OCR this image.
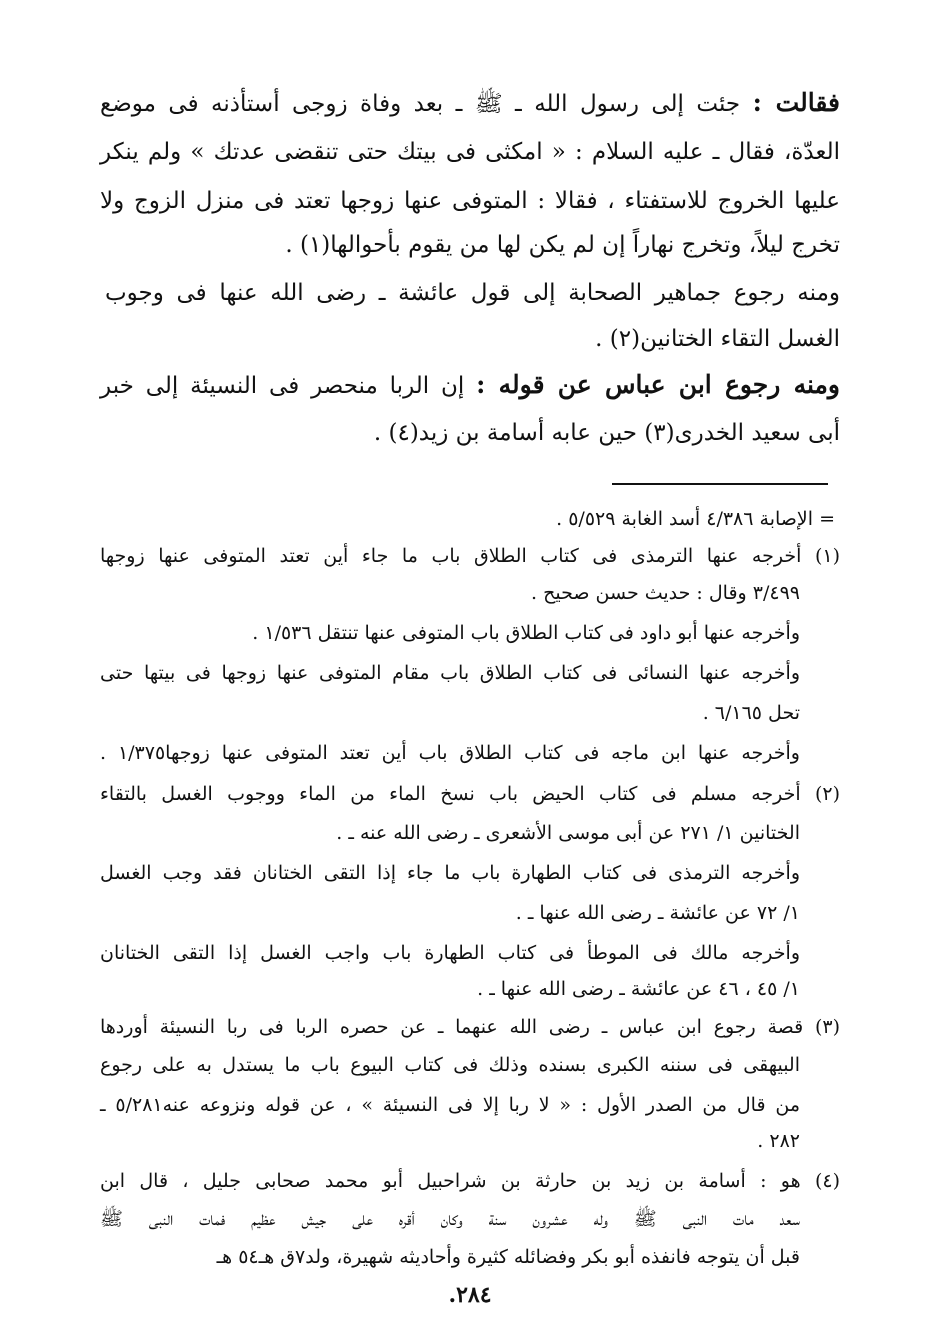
فقالت : جئت إلى رسول الله ـ ﷺ ـ بعد وفاة زوجى أستأذنه فى موضع
العدّة، فقال ـ عليه السلام : « امكثى فى بيتك حتى تنقضى عدتك » ولم ينكر
عليها الخروج للاستفتاء ، فقالا : المتوفى عنها زوجها تعتد فى منزل الزوج ولا
تخرج ليلاً، وتخرج نهاراً إن لم يكن لها من يقوم بأحوالها(١) .
ومنه رجوع جماهير الصحابة إلى قول عائشة ـ رضى الله عنها فى وجوب
الغسل التقاء الختانين(٢) .
ومنه رجوع ابن عباس عن قوله : إن الربا منحصر فى النسيئة إلى خبر
أبى سعيد الخدرى(٣) حين عابه أسامة بن زيد(٤) .
= الإصابة ٤/٣٨٦ أسد الغابة ٥/٥٢٩ .
(١) أخرجه عنها الترمذى فى كتاب الطلاق باب ما جاء أين تعتد المتوفى عنها زوجها
٣/٤٩٩ وقال : حديث حسن صحيح .
وأخرجه عنها أبو داود فى كتاب الطلاق باب المتوفى عنها تنتقل ١/٥٣٦ .
وأخرجه عنها النسائى فى كتاب الطلاق باب مقام المتوفى عنها زوجها فى بيتها حتى
تحل ٦/١٦٥ .
وأخرجه عنها ابن ماجه فى كتاب الطلاق باب أين تعتد المتوفى عنها زوجها١/٣٧٥ .
(٢) أخرجه مسلم فى كتاب الحيض باب نسخ الماء من الماء ووجوب الغسل بالتقاء
الختانين ١/ ٢٧١ عن أبى موسى الأشعرى ـ رضى الله عنه ـ .
وأخرجه الترمذى فى كتاب الطهارة باب ما جاء إذا التقى الختانان فقد وجب الغسل
١/ ٧٢ عن عائشة ـ رضى الله عنها ـ .
وأخرجه مالك فى الموطأ فى كتاب الطهارة باب واجب الغسل إذا التقى الختانان
١/ ٤٥ ، ٤٦ عن عائشة ـ رضى الله عنها ـ .
(٣) قصة رجوع ابن عباس ـ رضى الله عنهما ـ عن حصره الربا فى ربا النسيئة أوردها
البيهقى فى سننه الكبرى بسنده وذلك فى كتاب البيوع باب ما يستدل به على رجوع
من قال من الصدر الأول : « لا ربا إلا فى النسيئة » ، عن قوله ونزوعه عنه٥/٢٨١ ـ
٢٨٢ .
(٤) هو : أسامة بن زيد بن حارثة بن شراحبيل أبو محمد صحابى جليل ، قال ابن
سعد مات النبى ﷺ وله عشرون سنة وكان أقره على جيش عظيم فمات النبى ﷺ
قبل أن يتوجه فانفذه أبو بكر وفضائله كثيرة وأحاديثه شهيرة، ولد٧ق هـ٥٤ هـ
٢٨٤.
